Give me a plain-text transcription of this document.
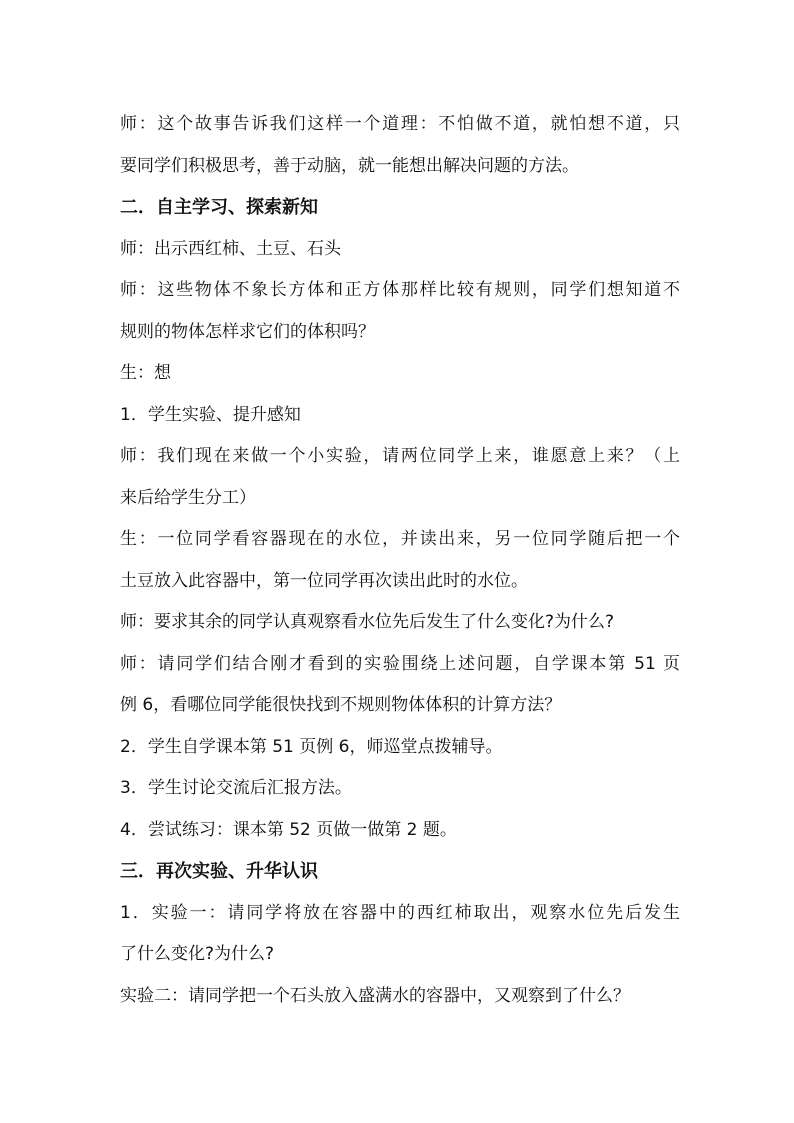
师：这个故事告诉我们这样一个道理：不怕做不道，就怕想不道，只
要同学们积极思考，善于动脑，就一能想出解决问题的方法。
二．自主学习、探索新知
师：出示西红柿、土豆、石头
师：这些物体不象长方体和正方体那样比较有规则，同学们想知道不
规则的物体怎样求它们的体积吗？
生：想
1．学生实验、提升感知
师：我们现在来做一个小实验，请两位同学上来，谁愿意上来？（上
来后给学生分工）
生：一位同学看容器现在的水位，并读出来，另一位同学随后把一个
土豆放入此容器中，第一位同学再次读出此时的水位。
师：要求其余的同学认真观察看水位先后发生了什么变化?为什么?
师：请同学们结合刚才看到的实验围绕上述问题，自学课本第 51 页
例 6，看哪位同学能很快找到不规则物体体积的计算方法？
2．学生自学课本第 51 页例 6，师巡堂点拨辅导。
3．学生讨论交流后汇报方法。
4．尝试练习：课本第 52 页做一做第 2 题。
三．再次实验、升华认识
1．实验一：请同学将放在容器中的西红柿取出，观察水位先后发生
了什么变化?为什么?
实验二：请同学把一个石头放入盛满水的容器中，又观察到了什么？
